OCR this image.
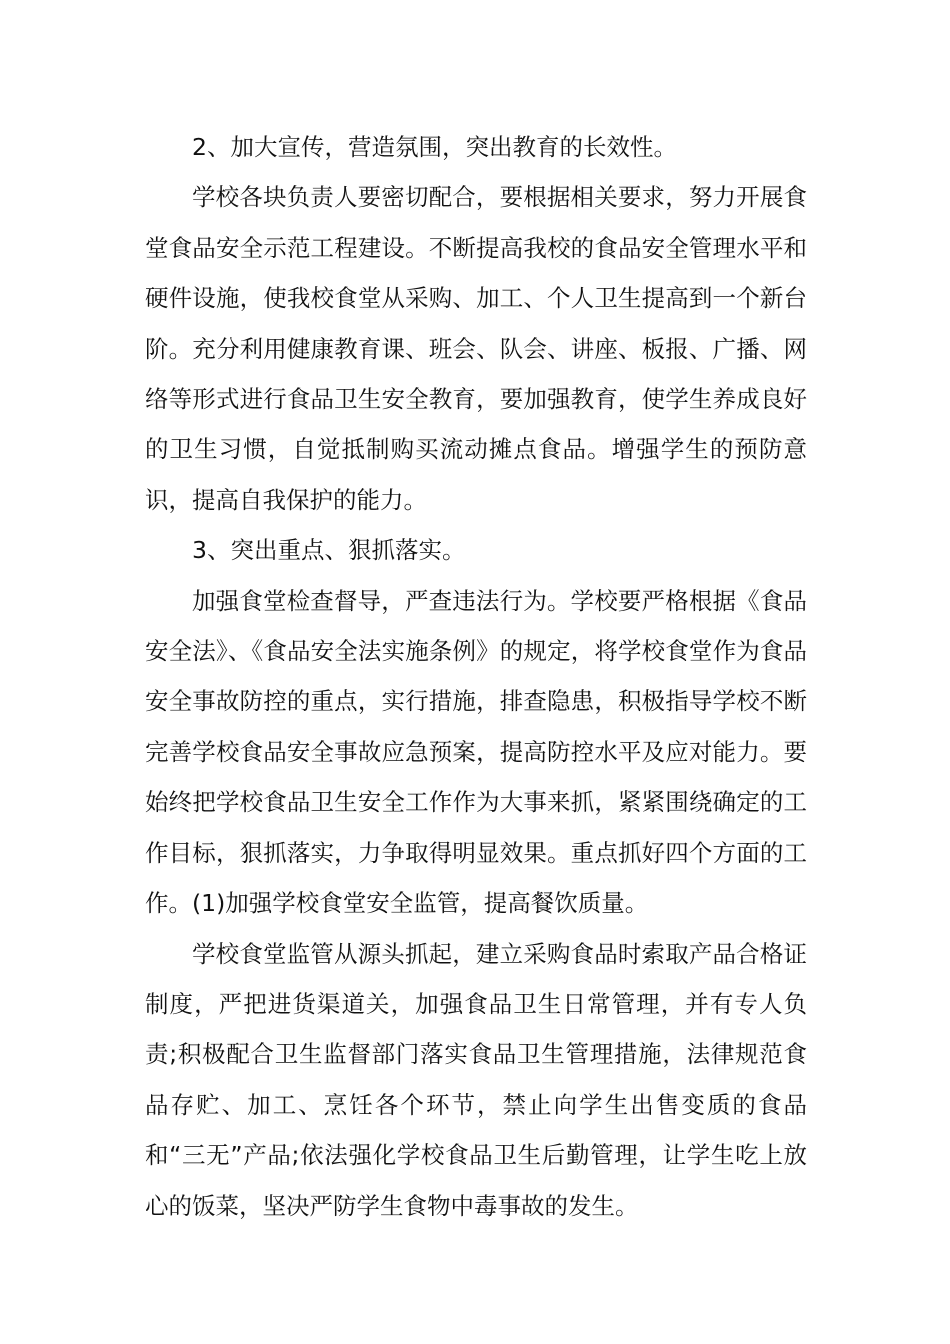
2、加大宣传，营造氛围，突出教育的长效性。

学校各块负责人要密切配合，要根据相关要求，努力开展食堂食品安全示范工程建设。不断提高我校的食品安全管理水平和硬件设施，使我校食堂从采购、加工、个人卫生提高到一个新台阶。充分利用健康教育课、班会、队会、讲座、板报、广播、网络等形式进行食品卫生安全教育，要加强教育，使学生养成良好的卫生习惯，自觉抵制购买流动摊点食品。增强学生的预防意识，提高自我保护的能力。

3、突出重点、狠抓落实。

加强食堂检查督导，严查违法行为。学校要严格根据《食品安全法》、《食品安全法实施条例》的规定，将学校食堂作为食品安全事故防控的重点，实行措施，排查隐患，积极指导学校不断完善学校食品安全事故应急预案，提高防控水平及应对能力。要始终把学校食品卫生安全工作作为大事来抓，紧紧围绕确定的工作目标，狠抓落实，力争取得明显效果。重点抓好四个方面的工作。(1)加强学校食堂安全监管，提高餐饮质量。

学校食堂监管从源头抓起，建立采购食品时索取产品合格证制度，严把进货渠道关，加强食品卫生日常管理，并有专人负责;积极配合卫生监督部门落实食品卫生管理措施，法律规范食品存贮、加工、烹饪各个环节，禁止向学生出售变质的食品和“三无”产品;依法强化学校食品卫生后勤管理，让学生吃上放心的饭菜，坚决严防学生食物中毒事故的发生。
